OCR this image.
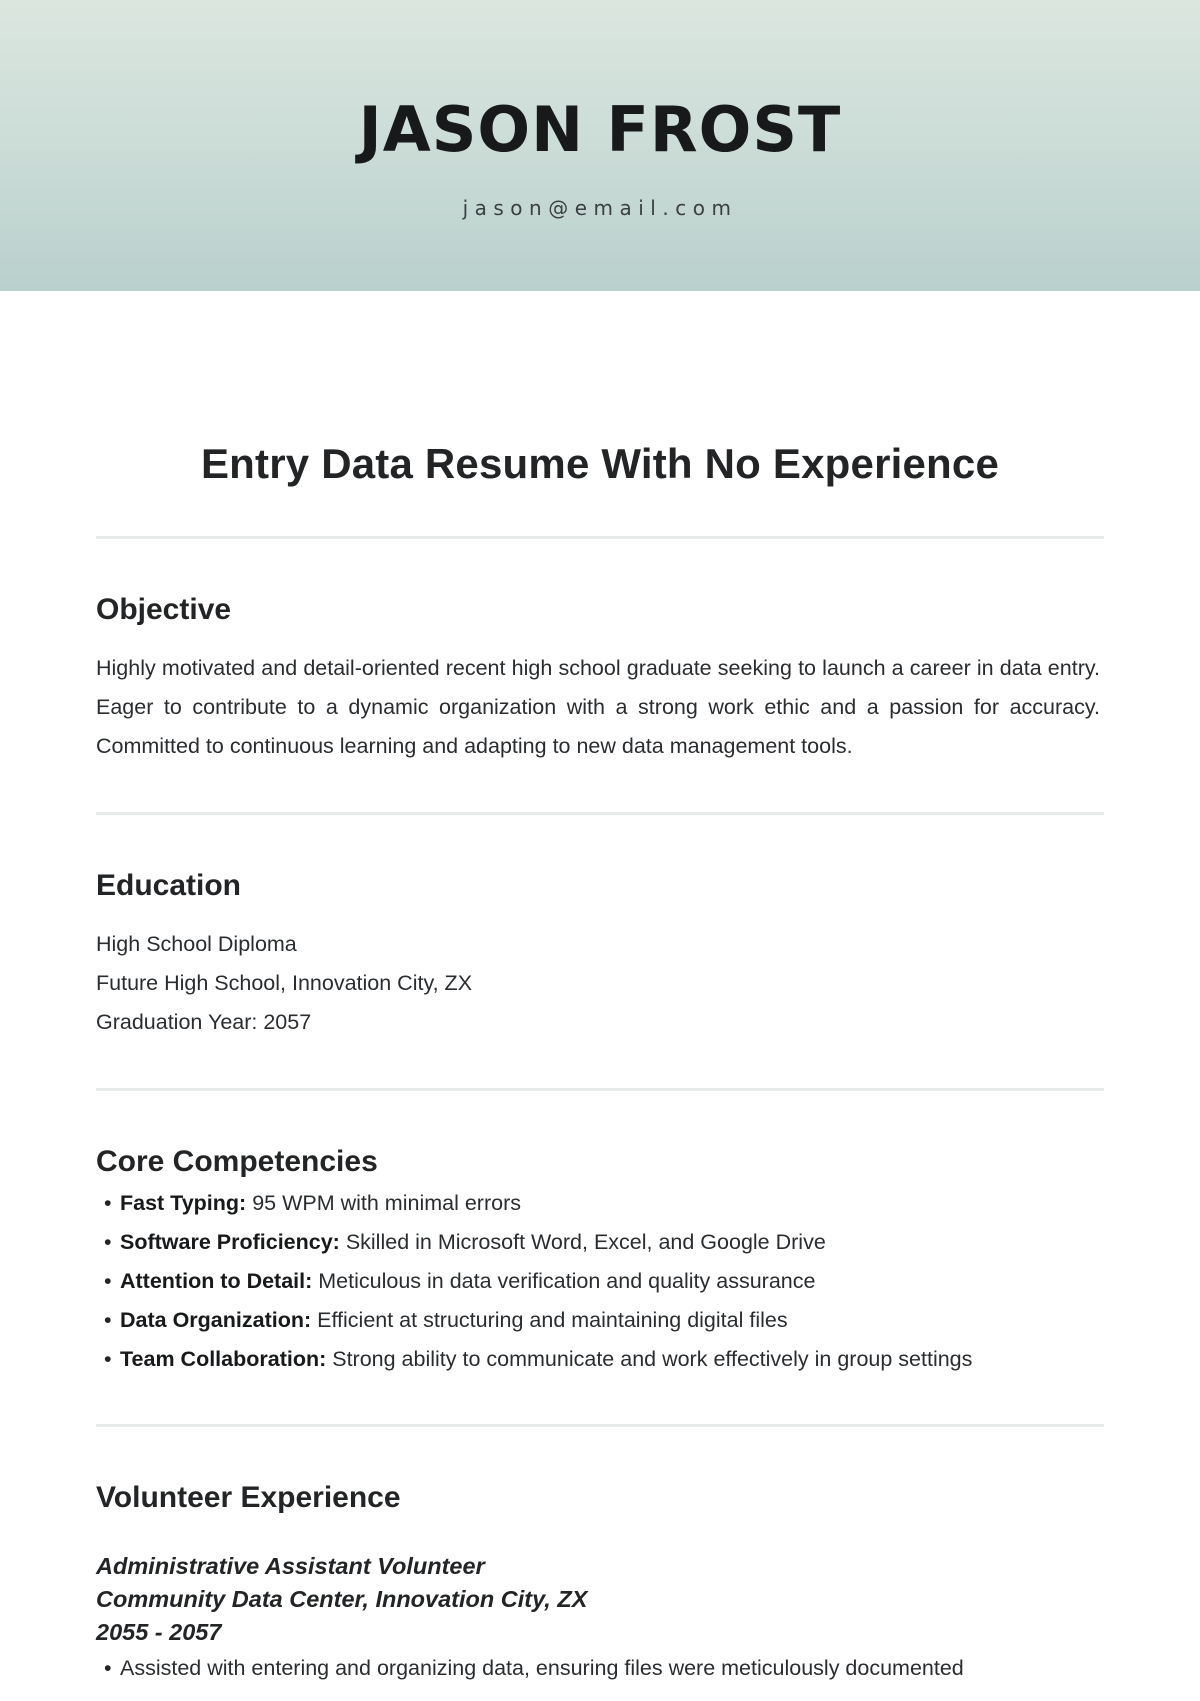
JASON FROST
jason@email.com
Entry Data Resume With No Experience
Objective
Highly motivated and detail-oriented recent high school graduate seeking to launch a career in data entry. Eager to contribute to a dynamic organization with a strong work ethic and a passion for accuracy. Committed to continuous learning and adapting to new data management tools.
Education
High School Diploma
Future High School, Innovation City, ZX
Graduation Year: 2057
Core Competencies
• Fast Typing: 95 WPM with minimal errors
• Software Proficiency: Skilled in Microsoft Word, Excel, and Google Drive
• Attention to Detail: Meticulous in data verification and quality assurance
• Data Organization: Efficient at structuring and maintaining digital files
• Team Collaboration: Strong ability to communicate and work effectively in group settings
Volunteer Experience
Administrative Assistant Volunteer
Community Data Center, Innovation City, ZX
2055 - 2057
• Assisted with entering and organizing data, ensuring files were meticulously documented
